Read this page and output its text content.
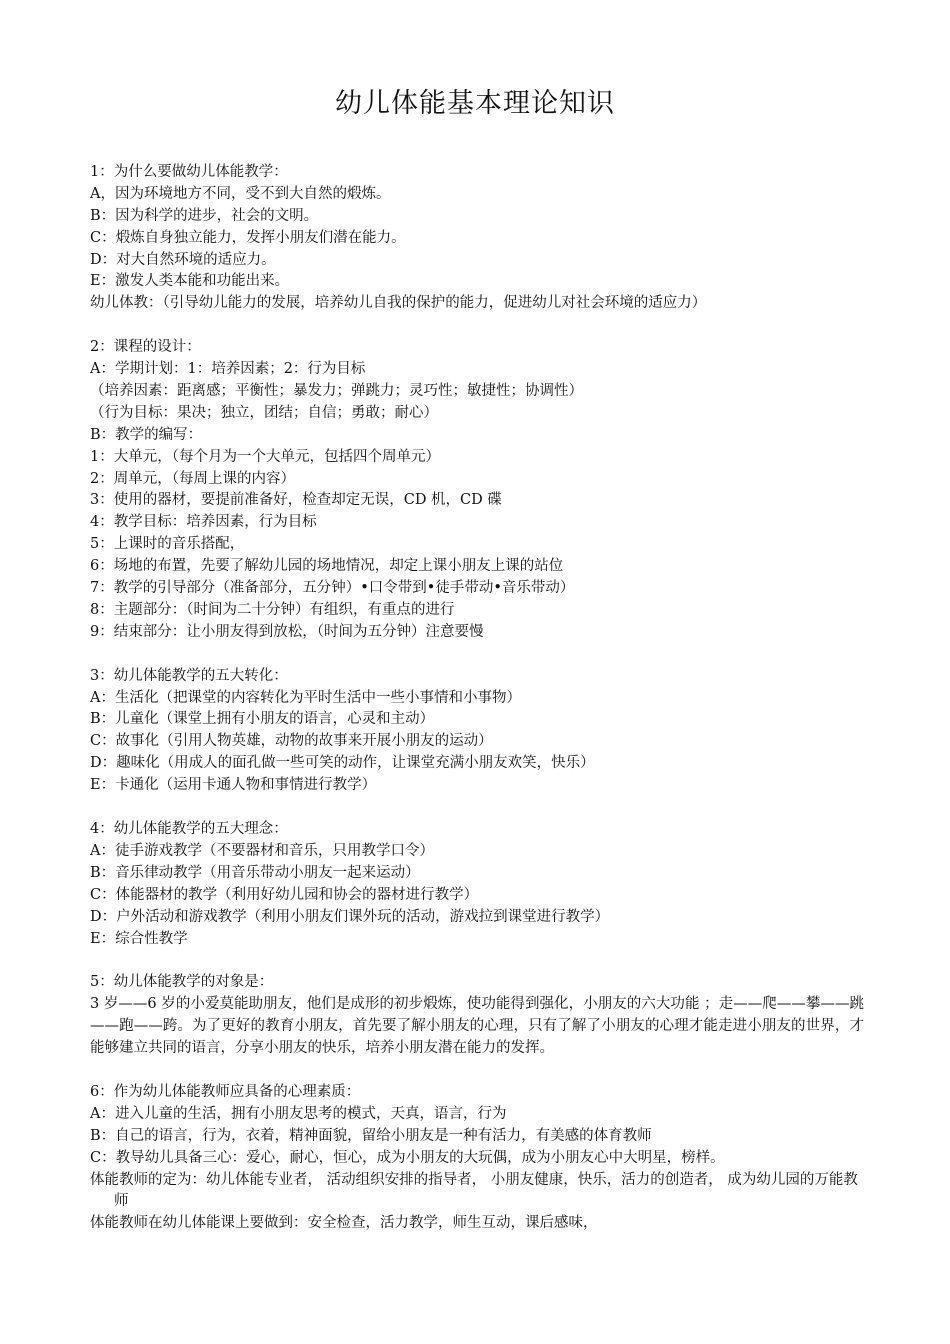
幼儿体能基本理论知识
1：为什么要做幼儿体能教学：
A，因为环境地方不同，受不到大自然的煅炼。
B：因为科学的进步，社会的文明。
C：煅炼自身独立能力，发挥小朋友们潜在能力。
D：对大自然环境的适应力。
E：激发人类本能和功能出来。
幼儿体教：（引导幼儿能力的发展，培养幼儿自我的保护的能力，促进幼儿对社会环境的适应力）
2：课程的设计：
A：学期计划：1：培养因素；2：行为目标
（培养因素：距离感；平衡性；暴发力；弹跳力；灵巧性；敏捷性；协调性）
（行为目标：果决；独立，团结；自信；勇敢；耐心）
B：教学的编写：
1：大单元，（每个月为一个大单元，包括四个周单元）
2：周单元，（每周上课的内容）
3：使用的器材，要提前准备好，检查却定无误，CD 机，CD 碟
4：教学目标：培养因素，行为目标
5：上课时的音乐搭配，
6：场地的布置，先要了解幼儿园的场地情况，却定上课小朋友上课的站位
7：教学的引导部分（准备部分，五分钟）•口令带到•徒手带动•音乐带动）
8：主题部分：（时间为二十分钟）有组织，有重点的进行
9：结束部分：让小朋友得到放松，（时间为五分钟）注意要慢
3：幼儿体能教学的五大转化：
A：生活化（把课堂的内容转化为平时生活中一些小事情和小事物）
B：儿童化（课堂上拥有小朋友的语言，心灵和主动）
C：故事化（引用人物英雄，动物的故事来开展小朋友的运动）
D：趣味化（用成人的面孔做一些可笑的动作，让课堂充满小朋友欢笑，快乐）
E：卡通化（运用卡通人物和事情进行教学）
4：幼儿体能教学的五大理念：
A：徒手游戏教学（不要器材和音乐，只用教学口令）
B：音乐律动教学（用音乐带动小朋友一起来运动）
C：体能器材的教学（利用好幼儿园和协会的器材进行教学）
D：户外活动和游戏教学（利用小朋友们课外玩的活动，游戏拉到课堂进行教学）
E：综合性教学
5：幼儿体能教学的对象是：
3 岁——6 岁的小爱莫能助朋友，他们是成形的初步煅炼，使功能得到强化，小朋友的六大功能 ；走——爬——攀——跳——跑——跨。为了更好的教育小朋友，首先要了解小朋友的心理，只有了解了小朋友的心理才能走进小朋友的世界，才能够建立共同的语言，分享小朋友的快乐，培养小朋友潜在能力的发挥。
6：作为幼儿体能教师应具备的心理素质：
A：进入儿童的生活，拥有小朋友思考的模式，天真，语言，行为
B：自己的语言，行为，衣着，精神面貌，留给小朋友是一种有活力，有美感的体育教师
C：教导幼儿具备三心：爱心，耐心，恒心，成为小朋友的大玩偶，成为小朋友心中大明星，榜样。
体能教师的定为：幼儿体能专业者， 活动组织安排的指导者， 小朋友健康，快乐，活力的创造者， 成为幼儿园的万能教师
体能教师在幼儿体能课上要做到：安全检查，活力教学，师生互动，课后感味，
